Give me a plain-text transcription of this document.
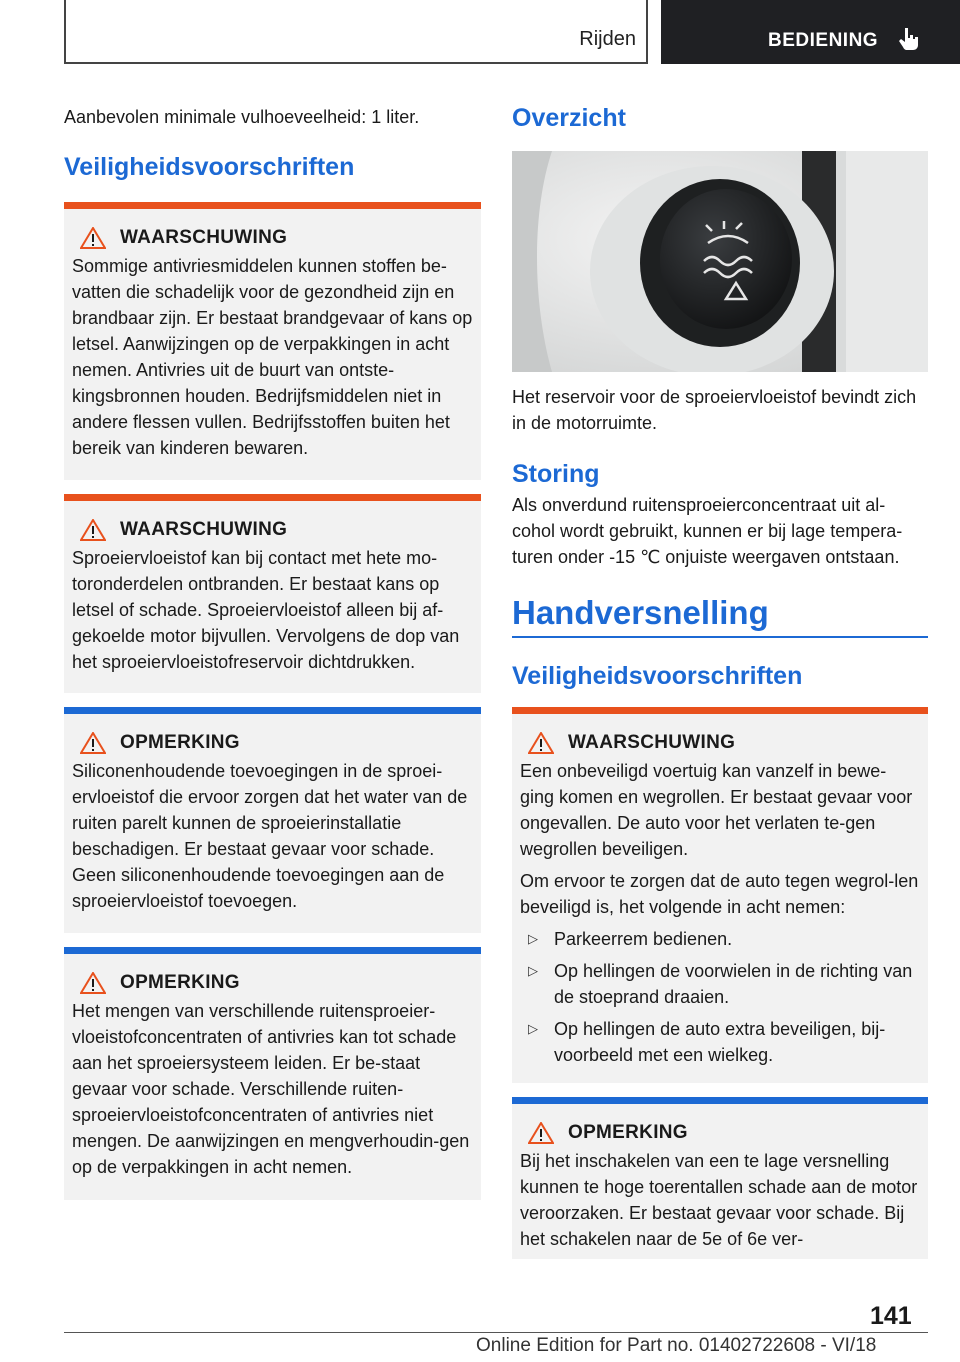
Rijden	BEDIENING

Aanbevolen minimale vulhoeveelheid: 1 liter.

Veiligheidsvoorschriften
WAARSCHUWING

Sommige antivriesmiddelen kunnen stoffen be-vatten die schadelijk voor de gezondheid zijn en brandbaar zijn. Er bestaat brandgevaar of kans op letsel. Aanwijzingen op de verpakkingen in acht nemen. Antivries uit de buurt van ontste-kingsbronnen houden. Bedrijfsmiddelen niet in andere flessen vullen. Bedrijfsstoffen buiten het bereik van kinderen bewaren.

WAARSCHUWING

Sproeiervloeistof kan bij contact met hete mo-toronderdelen ontbranden. Er bestaat kans op letsel of schade. Sproeiervloeistof alleen bij af-gekoelde motor bijvullen. Vervolgens de dop van het sproeiervloeistofreservoir dichtdrukken.

OPMERKING

Siliconenhoudende toevoegingen in de sproei-ervloeistof die ervoor zorgen dat het water van de ruiten parelt kunnen de sproeierinstallatie beschadigen. Er bestaat gevaar voor schade. Geen siliconenhoudende toevoegingen aan de sproeiervloeistof toevoegen.

OPMERKING

Het mengen van verschillende ruitensproeier-vloeistofconcentraten of antivries kan tot schade aan het sproeiersysteem leiden. Er be-staat gevaar voor schade. Verschillende ruiten-sproeiervloeistofconcentraten of antivries niet mengen. De aanwijzingen en mengverhoudin-gen op de verpakkingen in acht nemen.

Overzicht

Het reservoir voor de sproeiervloeistof bevindt zich in de motorruimte.

Storing

Als onverdund ruitensproeierconcentraat uit al-cohol wordt gebruikt, kunnen er bij lage tempera-turen onder -15 ℃ onjuiste weergaven ontstaan.

Handversnelling
Veiligheidsvoorschriften
WAARSCHUWING

Een onbeveiligd voertuig kan vanzelf in bewe-ging komen en wegrollen. Er bestaat gevaar voor ongevallen. De auto voor het verlaten te-gen wegrollen beveiligen.

Om ervoor te zorgen dat de auto tegen wegrol-len beveiligd is, het volgende in acht nemen:

▷ Parkeerrem bedienen.
▷ Op hellingen de voorwielen in de richting van de stoeprand draaien.
▷ Op hellingen de auto extra beveiligen, bij-voorbeeld met een wielkeg.
OPMERKING

Bij het inschakelen van een te lage versnelling kunnen te hoge toerentallen schade aan de motor veroorzaken. Er bestaat gevaar voor schade. Bij het schakelen naar de 5e of 6e ver-

141
Online Edition for Part no. 01402722608 - VI/18
